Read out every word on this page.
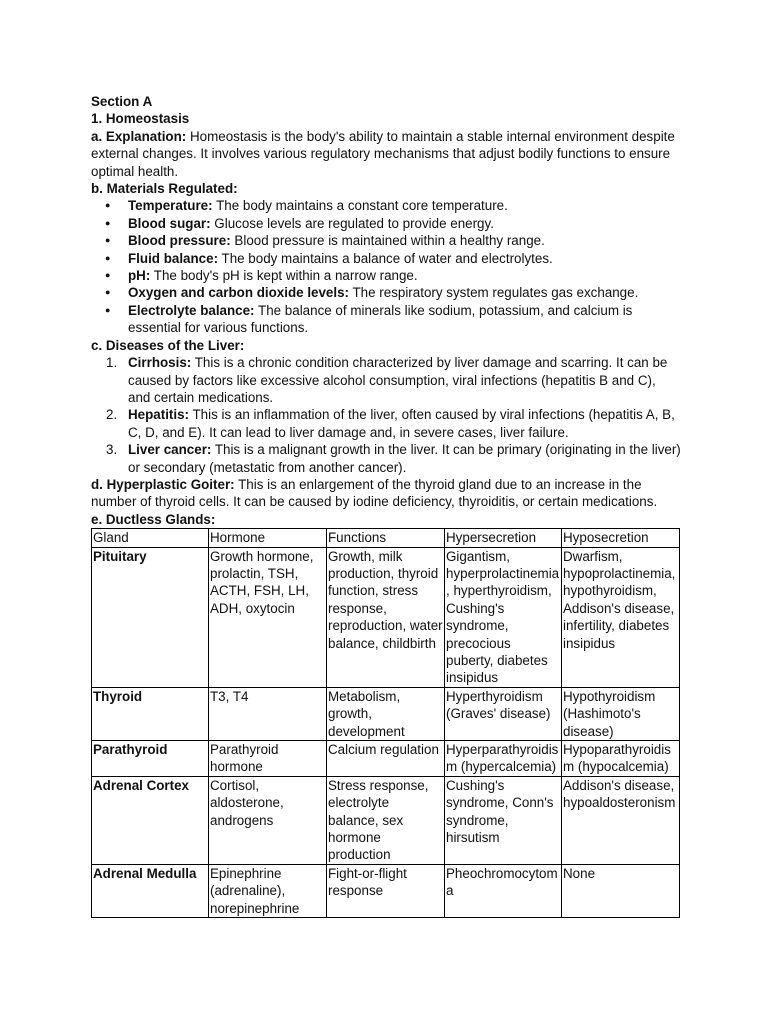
Section A

1. Homeostasis

a. Explanation: Homeostasis is the body's ability to maintain a stable internal environment despite external changes. It involves various regulatory mechanisms that adjust bodily functions to ensure optimal health.

b. Materials Regulated:

● Temperature: The body maintains a constant core temperature.
● Blood sugar: Glucose levels are regulated to provide energy.
● Blood pressure: Blood pressure is maintained within a healthy range.
● Fluid balance: The body maintains a balance of water and electrolytes.
● pH: The body's pH is kept within a narrow range.
● Oxygen and carbon dioxide levels: The respiratory system regulates gas exchange.
● Electrolyte balance: The balance of minerals like sodium, potassium, and calcium is essential for various functions.

c. Diseases of the Liver:

1. Cirrhosis: This is a chronic condition characterized by liver damage and scarring. It can be caused by factors like excessive alcohol consumption, viral infections (hepatitis B and C), and certain medications.
2. Hepatitis: This is an inflammation of the liver, often caused by viral infections (hepatitis A, B, C, D, and E). It can lead to liver damage and, in severe cases, liver failure.
3. Liver cancer: This is a malignant growth in the liver. It can be primary (originating in the liver) or secondary (metastatic from another cancer).

d. Hyperplastic Goiter: This is an enlargement of the thyroid gland due to an increase in the number of thyroid cells. It can be caused by iodine deficiency, thyroiditis, or certain medications.

e. Ductless Glands:

Gland	Hormone	Functions	Hypersecretion	Hyposecretion
Pituitary	Growth hormone, prolactin, TSH, ACTH, FSH, LH, ADH, oxytocin	Growth, milk production, thyroid function, stress response, reproduction, water balance, childbirth	Gigantism, hyperprolactinemia, hyperthyroidism, Cushing's syndrome, precocious puberty, diabetes insipidus	Dwarfism, hypoprolactinemia, hypothyroidism, Addison's disease, infertility, diabetes insipidus
Thyroid	T3, T4	Metabolism, growth, development	Hyperthyroidism (Graves' disease)	Hypothyroidism (Hashimoto's disease)
Parathyroid	Parathyroid hormone	Calcium regulation	Hyperparathyroidism (hypercalcemia)	Hypoparathyroidism (hypocalcemia)
Adrenal Cortex	Cortisol, aldosterone, androgens	Stress response, electrolyte balance, sex hormone production	Cushing's syndrome, Conn's syndrome, hirsutism	Addison's disease, hypoaldosteronism
Adrenal Medulla	Epinephrine (adrenaline), norepinephrine	Fight-or-flight response	Pheochromocytoma	None
